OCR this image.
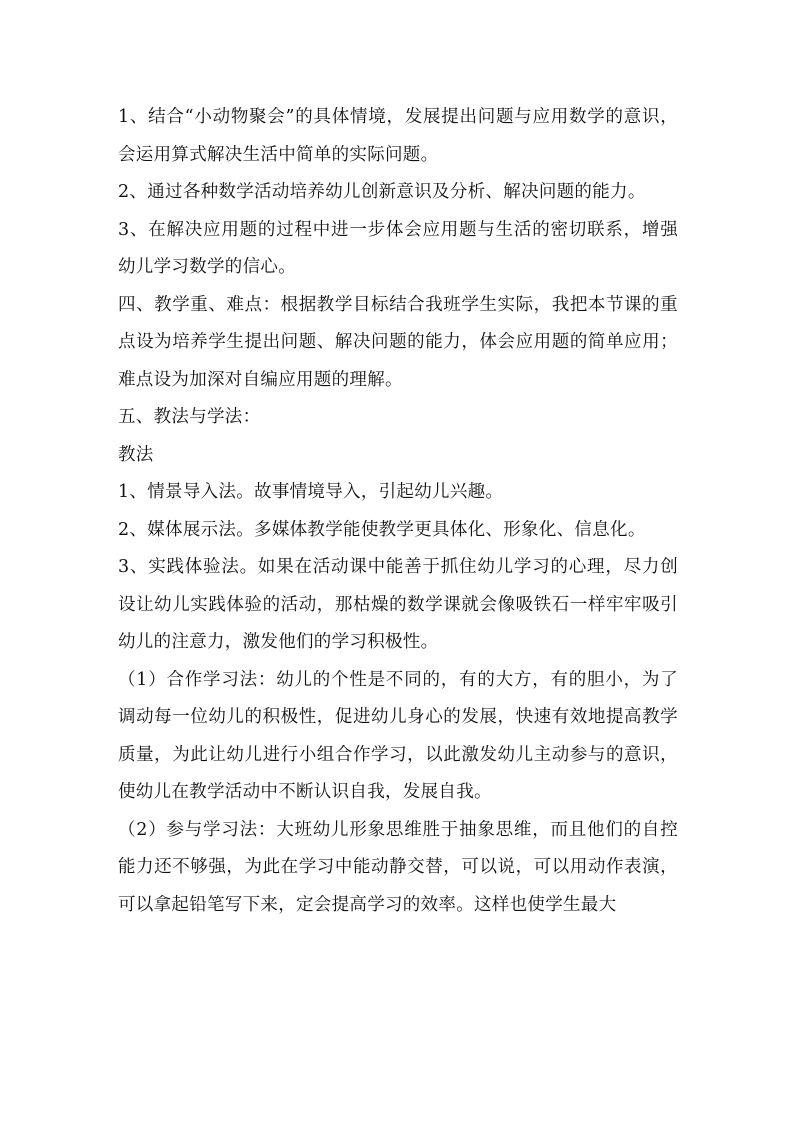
1、结合“小动物聚会”的具体情境，发展提出问题与应用数学的意识，会运用算式解决生活中简单的实际问题。

2、通过各种数学活动培养幼儿创新意识及分析、解决问题的能力。

3、在解决应用题的过程中进一步体会应用题与生活的密切联系，增强幼儿学习数学的信心。

四、教学重、难点：根据教学目标结合我班学生实际，我把本节课的重点设为培养学生提出问题、解决问题的能力，体会应用题的简单应用；难点设为加深对自编应用题的理解。

五、教法与学法：

教法

1、情景导入法。故事情境导入，引起幼儿兴趣。

2、媒体展示法。多媒体教学能使教学更具体化、形象化、信息化。

3、实践体验法。如果在活动课中能善于抓住幼儿学习的心理，尽力创设让幼儿实践体验的活动，那枯燥的数学课就会像吸铁石一样牢牢吸引幼儿的注意力，激发他们的学习积极性。

（1）合作学习法：幼儿的个性是不同的，有的大方，有的胆小，为了调动每一位幼儿的积极性，促进幼儿身心的发展，快速有效地提高教学质量，为此让幼儿进行小组合作学习，以此激发幼儿主动参与的意识，使幼儿在教学活动中不断认识自我，发展自我。

（2）参与学习法：大班幼儿形象思维胜于抽象思维，而且他们的自控能力还不够强，为此在学习中能动静交替，可以说，可以用动作表演，可以拿起铅笔写下来，定会提高学习的效率。这样也使学生最大
